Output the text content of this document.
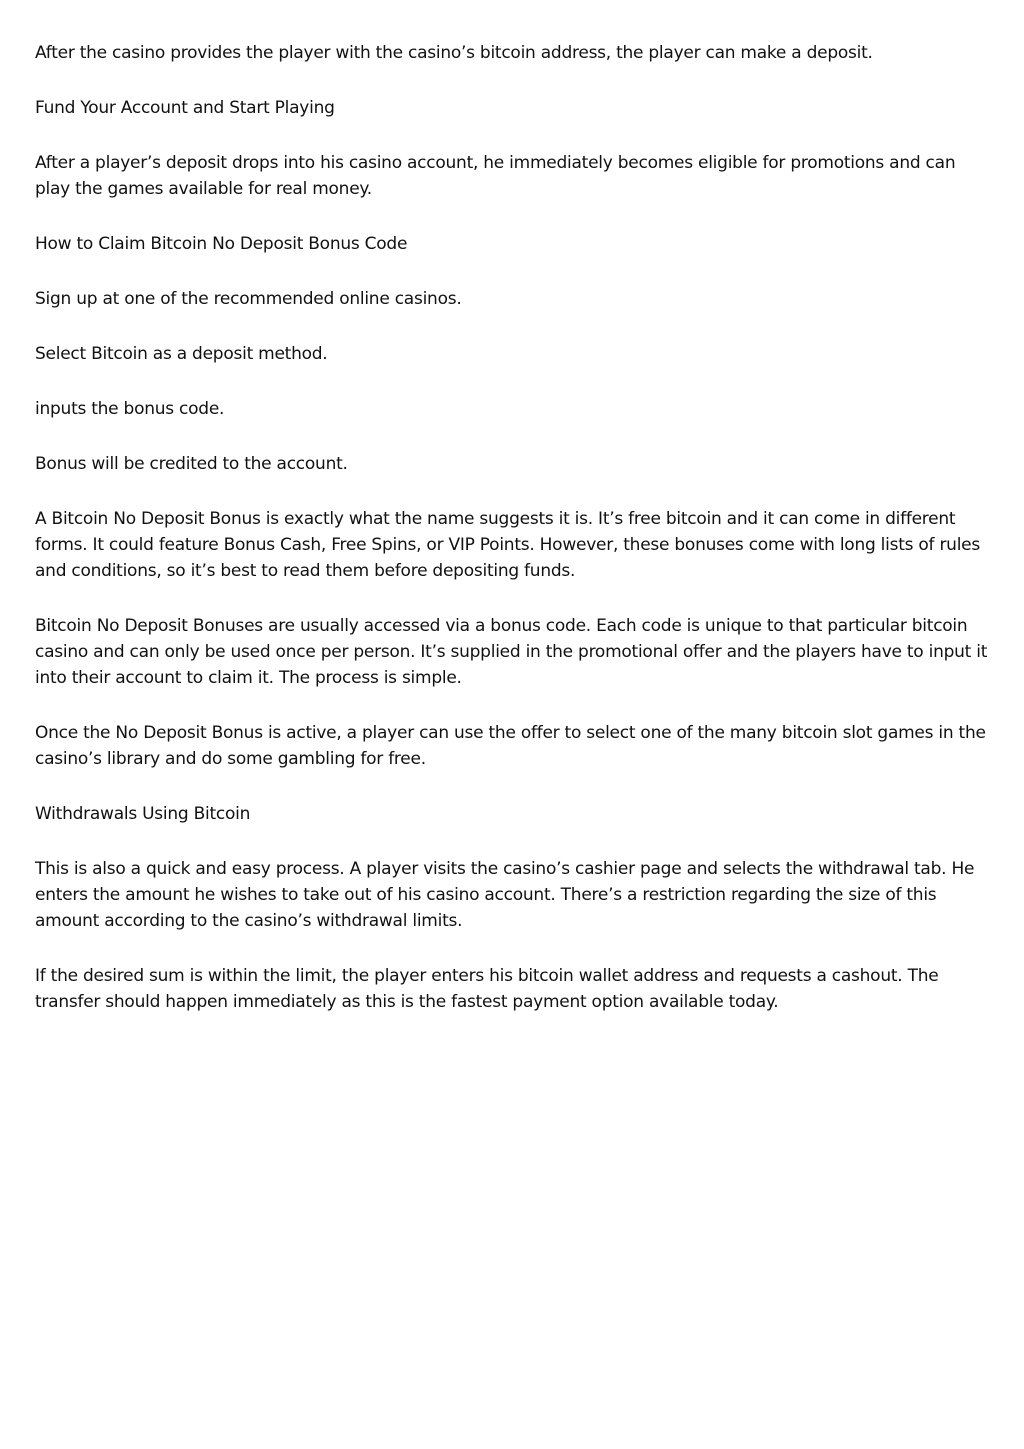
After the casino provides the player with the casino’s bitcoin address, the player can make a deposit.

Fund Your Account and Start Playing

After a player’s deposit drops into his casino account, he immediately becomes eligible for promotions and can play the games available for real money.

How to Claim Bitcoin No Deposit Bonus Code

Sign up at one of the recommended online casinos.

Select Bitcoin as a deposit method.

inputs the bonus code.

Bonus will be credited to the account.

A Bitcoin No Deposit Bonus is exactly what the name suggests it is. It’s free bitcoin and it can come in different forms. It could feature Bonus Cash, Free Spins, or VIP Points. However, these bonuses come with long lists of rules and conditions, so it’s best to read them before depositing funds.

Bitcoin No Deposit Bonuses are usually accessed via a bonus code. Each code is unique to that particular bitcoin casino and can only be used once per person. It’s supplied in the promotional offer and the players have to input it into their account to claim it. The process is simple.

Once the No Deposit Bonus is active, a player can use the offer to select one of the many bitcoin slot games in the casino’s library and do some gambling for free.

Withdrawals Using Bitcoin

This is also a quick and easy process. A player visits the casino’s cashier page and selects the withdrawal tab. He enters the amount he wishes to take out of his casino account. There’s a restriction regarding the size of this amount according to the casino’s withdrawal limits.

If the desired sum is within the limit, the player enters his bitcoin wallet address and requests a cashout. The transfer should happen immediately as this is the fastest payment option available today.
